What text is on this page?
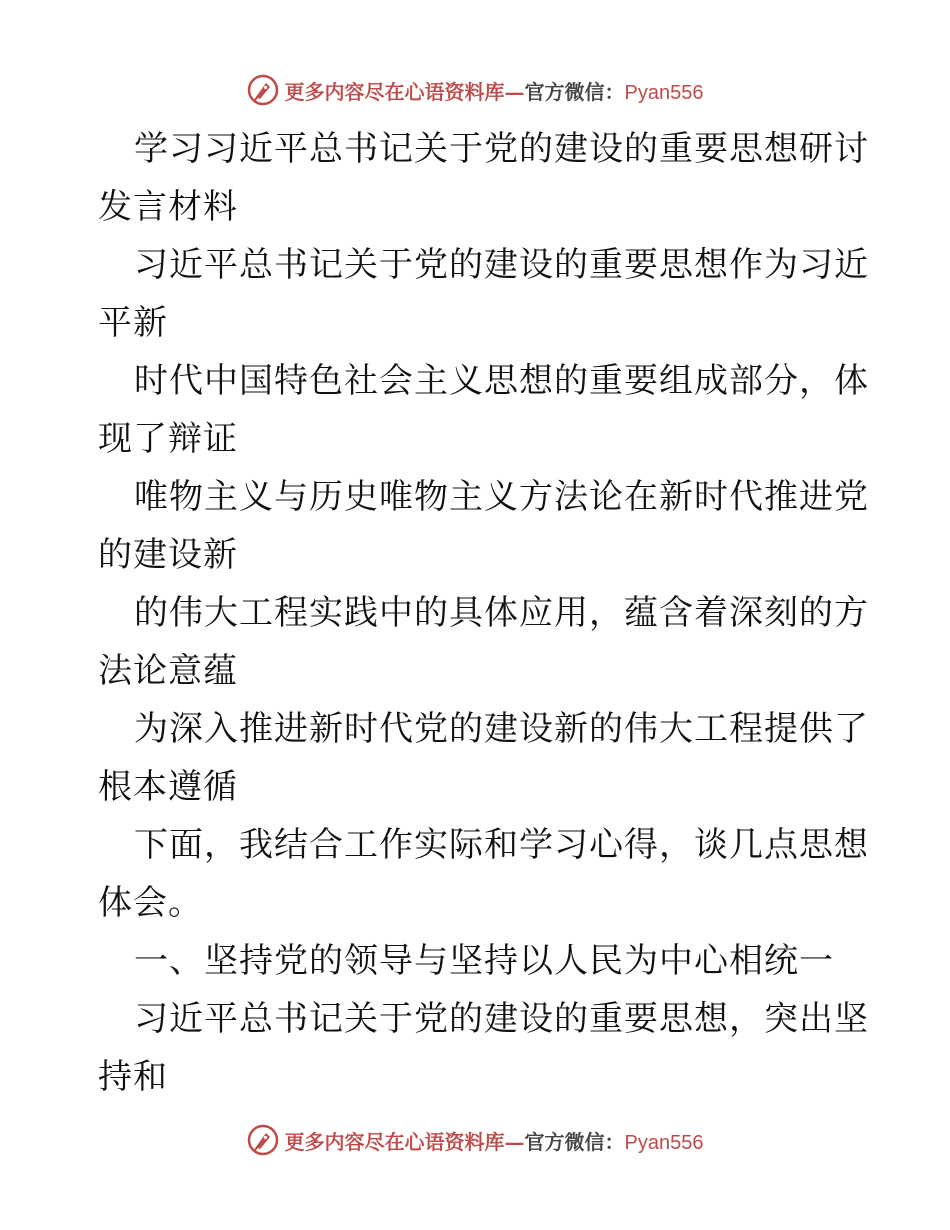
更多内容尽在心语资料库—官方微信：Pyan556
学习习近平总书记关于党的建设的重要思想研讨
发言材料
习近平总书记关于党的建设的重要思想作为习近
平新
时代中国特色社会主义思想的重要组成部分，体
现了辩证
唯物主义与历史唯物主义方法论在新时代推进党
的建设新
的伟大工程实践中的具体应用，蕴含着深刻的方
法论意蕴
为深入推进新时代党的建设新的伟大工程提供了
根本遵循
下面，我结合工作实际和学习心得，谈几点思想
体会。
一、坚持党的领导与坚持以人民为中心相统一
习近平总书记关于党的建设的重要思想，突出坚
持和
更多内容尽在心语资料库—官方微信：Pyan556
